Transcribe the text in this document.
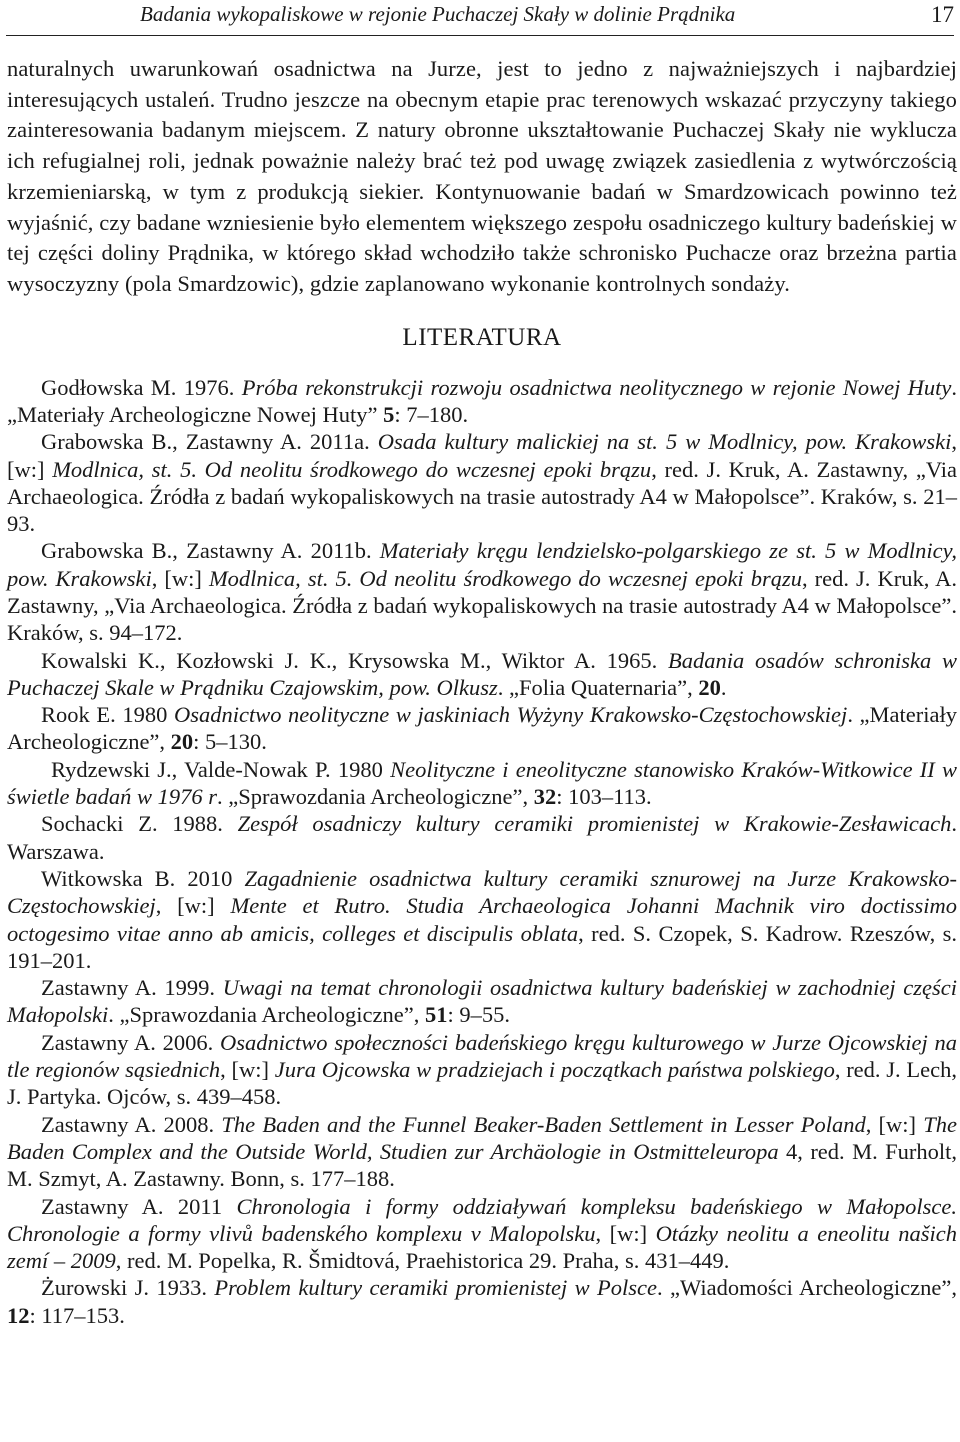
Badania wykopaliskowe w rejonie Puchaczej Skały w dolinie Prądnika	17

naturalnych uwarunkowań osadnictwa na Jurze, jest to jedno z najważniejszych i najbardziej interesujących ustaleń. Trudno jeszcze na obecnym etapie prac terenowych wskazać przyczyny takiego zainteresowania badanym miejscem. Z natury obronne ukształtowanie Puchaczej Skały nie wyklucza ich refugialnej roli, jednak poważnie należy brać też pod uwagę związek zasiedlenia z wytwórczością krzemieniarską, w tym z produkcją siekier. Kontynuowanie badań w Smardzowicach powinno też wyjaśnić, czy badane wzniesienie było elementem większego zespołu osadniczego kultury badeńskiej w tej części doliny Prądnika, w którego skład wchodziło także schronisko Puchacze oraz brzeżna partia wysoczyzny (pola Smardzowic), gdzie zaplanowano wykonanie kontrolnych sondaży.

LITERATURA
Godłowska M. 1976. Próba rekonstrukcji rozwoju osadnictwa neolitycznego w rejonie Nowej Huty. „Materiały Archeologiczne Nowej Huty” 5: 7–180.
Grabowska B., Zastawny A. 2011a. Osada kultury malickiej na st. 5 w Modlnicy, pow. Krakowski, [w:] Modlnica, st. 5. Od neolitu środkowego do wczesnej epoki brązu, red. J. Kruk, A. Zastawny, „Via Archaeologica. Źródła z badań wykopaliskowych na trasie autostrady A4 w Małopolsce”. Kraków, s. 21–93.
Grabowska B., Zastawny A. 2011b. Materiały kręgu lendzielsko-polgarskiego ze st. 5 w Modlnicy, pow. Krakowski, [w:] Modlnica, st. 5. Od neolitu środkowego do wczesnej epoki brązu, red. J. Kruk, A. Zastawny, „Via Archaeologica. Źródła z badań wykopaliskowych na trasie autostrady A4 w Małopolsce”. Kraków, s. 94–172.
Kowalski K., Kozłowski J. K., Krysowska M., Wiktor A. 1965. Badania osadów schroniska w Puchaczej Skale w Prądniku Czajowskim, pow. Olkusz. „Folia Quaternaria”, 20.
Rook E. 1980 Osadnictwo neolityczne w jaskiniach Wyżyny Krakowsko-Częstochowskiej. „Materiały Archeologiczne”, 20: 5–130.
Rydzewski J., Valde-Nowak P. 1980 Neolityczne i eneolityczne stanowisko Kraków-Witkowice II w świetle badań w 1976 r. „Sprawozdania Archeologiczne”, 32: 103–113.
Sochacki Z. 1988. Zespół osadniczy kultury ceramiki promienistej w Krakowie-Zesławicach. Warszawa.
Witkowska B. 2010 Zagadnienie osadnictwa kultury ceramiki sznurowej na Jurze Krakowsko-Częstochowskiej, [w:] Mente et Rutro. Studia Archaeologica Johanni Machnik viro doctissimo octogesimo vitae anno ab amicis, colleges et discipulis oblata, red. S. Czopek, S. Kadrow. Rzeszów, s. 191–201.
Zastawny A. 1999. Uwagi na temat chronologii osadnictwa kultury badeńskiej w zachodniej części Małopolski. „Sprawozdania Archeologiczne”, 51: 9–55.
Zastawny A. 2006. Osadnictwo społeczności badeńskiego kręgu kulturowego w Jurze Ojcowskiej na tle regionów sąsiednich, [w:] Jura Ojcowska w pradziejach i początkach państwa polskiego, red. J. Lech, J. Partyka. Ojców, s. 439–458.
Zastawny A. 2008. The Baden and the Funnel Beaker-Baden Settlement in Lesser Poland, [w:] The Baden Complex and the Outside World, Studien zur Archäologie in Ostmitteleuropa 4, red. M. Furholt, M. Szmyt, A. Zastawny. Bonn, s. 177–188.
Zastawny A. 2011 Chronologia i formy oddziaływań kompleksu badeńskiego w Małopolsce. Chronologie a formy vlivů badenského komplexu v Malopolsku, [w:] Otázky neolitu a eneolitu našich zemí – 2009, red. M. Popelka, R. Šmidtová, Praehistorica 29. Praha, s. 431–449.
Żurowski J. 1933. Problem kultury ceramiki promienistej w Polsce. „Wiadomości Archeologiczne”, 12: 117–153.
